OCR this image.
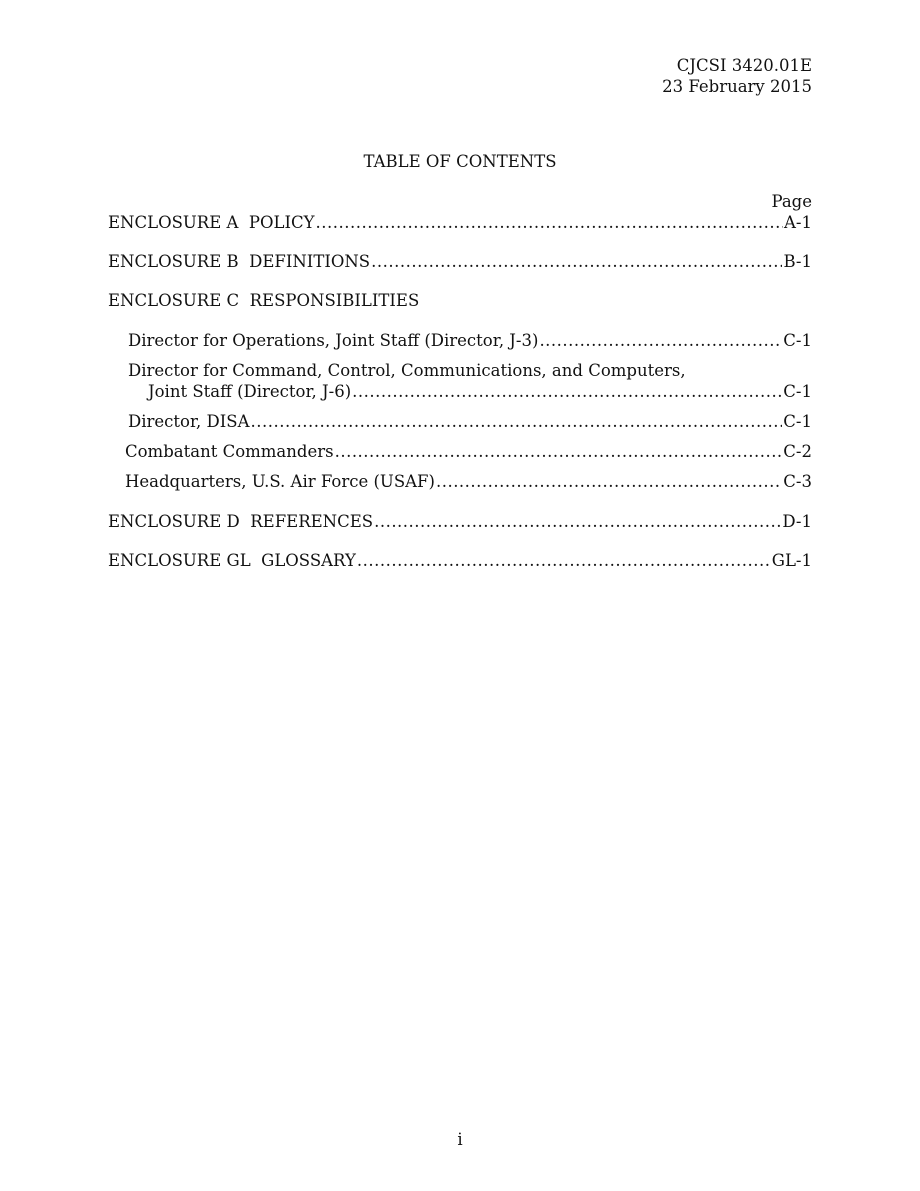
CJCSI 3420.01E
23 February 2015
TABLE OF CONTENTS
Page
ENCLOSURE A  POLICY .....	A-1
ENCLOSURE B  DEFINITIONS .....	B-1
ENCLOSURE C  RESPONSIBILITIES
Director for Operations, Joint Staff (Director, J-3) .....	C-1
Director for Command, Control, Communications, and Computers,
Joint Staff (Director, J-6) .....	C-1
Director, DISA .....	C-1
Combatant Commanders .....	C-2
Headquarters, U.S. Air Force (USAF) .....	C-3
ENCLOSURE D  REFERENCES .....	D-1
ENCLOSURE GL  GLOSSARY .....	GL-1
i
